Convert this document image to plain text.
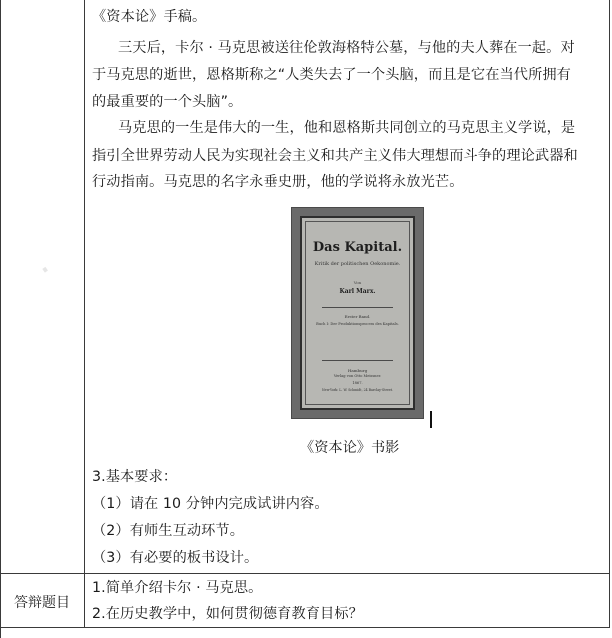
·
《资本论》手稿。
三天后，卡尔 · 马克思被送往伦敦海格特公墓，与他的夫人葬在一起。对
于马克思的逝世，恩格斯称之“人类失去了一个头脑，而且是它在当代所拥有
的最重要的一个头脑”。
马克思的一生是伟大的一生，他和恩格斯共同创立的马克思主义学说，是
指引全世界劳动人民为实现社会主义和共产主义伟大理想而斗争的理论武器和
行动指南。马克思的名字永垂史册，他的学说将永放光芒。
Das Kapital.
Kritik der politischen Oekonomie.
Von
Karl Marx.
Erster Band.
Buch I: Der Produktionsprocess des Kapitals.
Hamburg
Verlag von Otto Meissner.
1867.
New-York: L. W. Schmidt, 24 Barclay-Street.
《资本论》书影
3.基本要求：
（1）请在 10 分钟内完成试讲内容。
（2）有师生互动环节。
（3）有必要的板书设计。
答辩题目
1.简单介绍卡尔 · 马克思。
2.在历史教学中，如何贯彻德育教育目标？
